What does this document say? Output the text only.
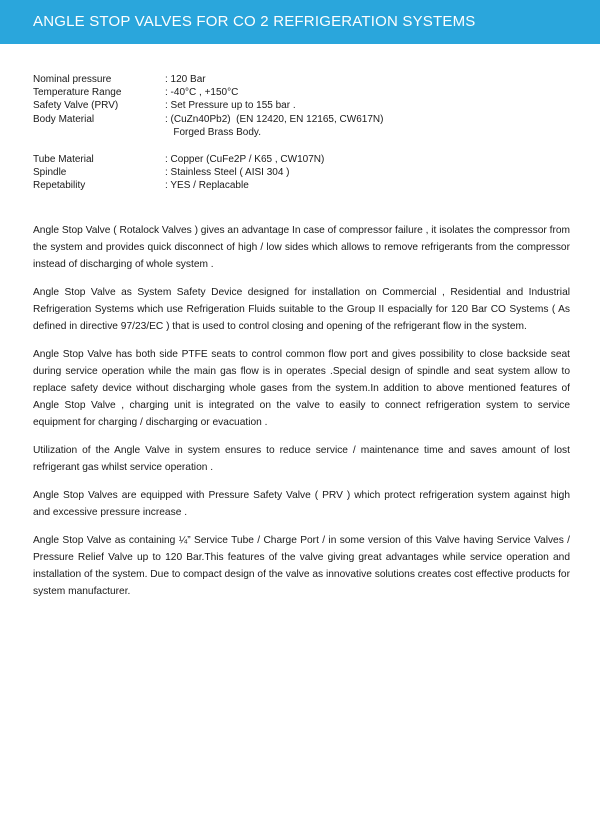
ANGLE STOP VALVES FOR CO 2 REFRIGERATION SYSTEMS
Nominal pressure	: 120 Bar
Temperature Range	: -40°C , +150°C
Safety Valve (PRV)	: Set Pressure up to 155 bar .
Body Material	: (CuZn40Pb2)  (EN 12420, EN 12165, CW617N)
Forged Brass Body.
Tube Material	: Copper (CuFe2P / K65 , CW107N)
Spindle	: Stainless Steel ( AISI 304 )
Repetability	: YES / Replacable

Angle Stop Valve ( Rotalock Valves ) gives an advantage In case of compressor failure , it isolates the compressor from the system and provides quick disconnect of high / low sides which allows to remove refrigerants from the compressor instead of discharging of whole system .

Angle Stop Valve as System Safety Device designed for installation on Commercial , Residential and Industrial Refrigeration Systems which use Refrigeration Fluids suitable to the Group II espacially for 120 Bar CO Systems ( As defined in directive 97/23/EC ) that is used to control closing and opening of the refrigerant flow in the system.

Angle Stop Valve has both side PTFE seats to control common flow port and gives possibility to close backside seat during service operation while the main gas flow is in operates .Special design of spindle and seat system allow to replace safety device without discharging whole gases from the system.In addition to above mentioned features of Angle Stop Valve , charging unit is integrated on the valve to easily to connect refrigeration system to service equipment for charging / discharging or evacuation .

Utilization of the Angle Valve in system ensures to reduce service / maintenance time and saves amount of lost refrigerant gas whilst service operation .

Angle Stop Valves are equipped with Pressure Safety Valve ( PRV ) which protect refrigeration system against high and excessive pressure increase .

Angle Stop Valve as containing ¼” Service Tube / Charge Port / in some version of this Valve having Service Valves / Pressure Relief Valve up to 120 Bar.This features of the valve giving great advantages while service operation and installation of the system. Due to compact design of the valve as innovative solutions creates cost effective products for system manufacturer.
